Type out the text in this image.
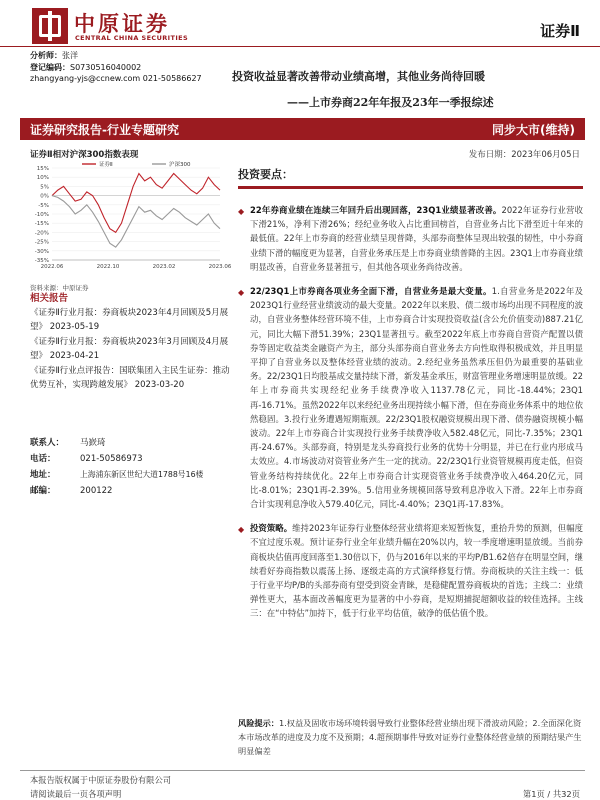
中原证券
CENTRAL CHINA SECURITIES	证券Ⅱ
分析师：张洋
登记编码：S0730516040002
zhangyang-yjs@ccnew.com 021-50586627	投资收益显著改善带动业绩高增，其他业务尚待回暖
——上市券商22年年报及23年一季报综述
证券研究报告-行业专题研究	同步大市(维持)
证券Ⅱ相对沪深300指数表现	发布日期：2023年06月05日
15%
10%
5%
0%
-5%
-10%
-15%
-20%
-25%
-30%
-35%
2022.06	2022.10	2023.02	2023.06
证券Ⅱ	沪深300
资料来源：中原证券
相关报告
《证券Ⅱ行业月报：券商板块2023年4月回顾及5月展望》 2023-05-19
《证券Ⅱ行业月报：券商板块2023年3月回顾及4月展望》 2023-04-21
《证券Ⅱ行业点评报告：国联集团入主民生证券：推动优势互补，实现跨越发展》 2023-03-20
联系人： 马嶔琦
电话：	021-50586973
地址：	上海浦东新区世纪大道1788号16楼
邮编：	200122
投资要点：
◆ 22年券商业绩在连续三年回升后出现回落，23Q1业绩显著改善。2022年证券行业营收下滑21%，净利下滑26%；经纪业务收入占比重回榜首，自营业务占比下滑至近十年来的最低值。22年上市券商的经营业绩呈现普降，头部券商整体呈现出较强的韧性，中小券商业绩下滑的幅度更为显著，自营业务承压是上市券商业绩普降的主因。23Q1上市券商业绩明显改善，自营业务显著扭亏，但其他各项业务尚待改善。
◆ 22/23Q1上市券商各项业务全面下滑，自营业务是最大变量。1.自营业务是2022年及2023Q1行业经营业绩波动的最大变量。2022年以来股、债二级市场均出现不同程度的波动，自营业务整体经营环境不佳，上市券商合计实现投资收益(含公允价值变动)887.21亿元，同比大幅下滑51.39%；23Q1显著扭亏。截至2022年底上市券商自营资产配置以债券等固定收益类金融资产为主，部分头部券商自营业务去方向性取得积极成效，并且明显平抑了自营业务以及整体经营业绩的波动。2.经纪业务虽然承压但仍为最重要的基础业务。22/23Q1日均股基成交量持续下滑，新发基金承压，财富管理业务增速明显放缓。22年上市券商共实现经纪业务手续费净收入1137.78亿元，同比-18.44%；23Q1再-16.71%。虽然2022年以来经纪业务出现持续小幅下滑，但在券商业务体系中的地位依然稳固。3.投行业务遭遇短期瓶颈。22/23Q1股权融资规模出现下滑、债券融资规模小幅波动。22年上市券商合计实现投行业务手续费净收入582.48亿元，同比-7.35%；23Q1再-24.67%。头部券商，特别是龙头券商投行业务的优势十分明显，并已在行业内形成马太效应。4.市场波动对资管业务产生一定的扰动。22/23Q1行业资管规模再度走低，但资管业务结构持续优化。22年上市券商合计实现资管业务手续费净收入464.20亿元，同比-8.01%；23Q1再-2.39%。5.信用业务规模回落导致利息净收入下滑。22年上市券商合计实现利息净收入579.40亿元，同比-4.40%；23Q1再-17.83%。
◆ 投资策略。维持2023年证券行业整体经营业绩将迎来短暂恢复，重拾升势的预测，但幅度不宜过度乐观。预计证券行业全年业绩升幅在20%以内，较一季度增速明显放缓。当前券商板块估值再度回落至1.30倍以下，仍与2016年以来的平均P/B1.62倍存在明显空间，继续看好券商指数以震荡上扬、逐级走高的方式演绎修复行情。券商板块的关注主线一：低于行业平均P/B的头部券商有望受到资金青睐，是稳健配置券商板块的首选；主线二：业绩弹性更大，基本面改善幅度更为显著的中小券商，是短期捕捉超额收益的较佳选择。主线三：在“中特估”加持下，低于行业平均估值，破净的低估值个股。
风险提示：1.权益及固收市场环境转弱导致行业整体经营业绩出现下滑波动风险；2.全面深化资本市场改革的进度及力度不及预期；4.超预期事件导致对证券行业整体经营业绩的预期结果产生明显偏差
本报告版权属于中原证券股份有限公司
请阅读最后一页各项声明	第1页 / 共32页
